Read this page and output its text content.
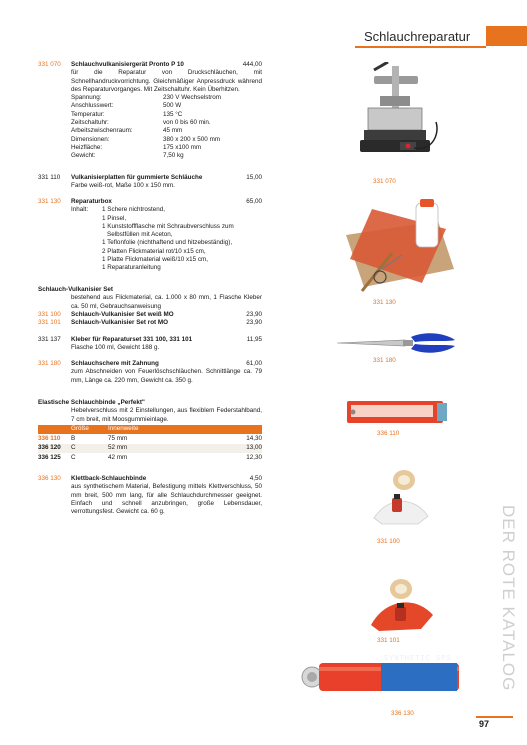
Schlauchreparatur
331 070	Schlauchvulkanisiergerät Pronto P 10	444,00
für die Reparatur von Druckschläuchen, mit Schnellhandruckvorrichtung. Gleichmäßiger Anpressdruck während des Reparaturvorganges. Mit Zeitschaltuhr. Kein Überhitzen.
Spannung:	230 V Wechselstrom
Anschlusswert:	500 W
Temperatur:	135 °C
Zeitschaltuhr:	von 0 bis 60 min.
Arbeitszwischenraum:	45 mm
Dimensionen:	380 x 200 x 500 mm
Heizfläche:	175 x100 mm
Gewicht:	7,50 kg
331 110	Vulkanisierplatten für gummierte Schläuche	15,00
Farbe weiß-rot, Maße 100 x 150 mm.
331 130	Reparaturbox	65,00
Inhalt:	1 Schere nichtrostend,
1 Pinsel,
1 Kunststoffflasche mit Schraubverschluss zum Selbstfüllen mit Aceton,
1 Teflonfolie (nichthaftend und hitzebeständig),
2 Platten Flickmaterial rot/10 x15 cm,
1 Platte Flickmaterial weiß/10 x15 cm,
1 Reparaturanleitung
Schlauch-Vulkanisier Set
bestehend aus Flickmaterial, ca. 1.000 x 80 mm, 1 Flasche Kleber ca. 50 ml, Gebrauchsanweisung
331 100	Schlauch-Vulkanisier Set weiß MO	23,90
331 101	Schlauch-Vulkanisier Set rot MO	23,90
331 137	Kleber für Reparaturset 331 100, 331 101	11,95
Flasche 100 ml, Gewicht 188 g.
331 180	Schlauchschere mit Zahnung	61,00
zum Abschneiden von Feuerlöschschläuchen. Schnittlänge ca. 79 mm, Länge ca. 220 mm, Gewicht ca. 350 g.
Elastische Schlauchbinde „Perfekt"
Hebelverschluss mit 2 Einstellungen, aus flexiblem Federstahlband, 7 cm breit, mit Moosgummieinlage.
	Größe	Innenweite	
336 110	B	75 mm	14,30
336 120	C	52 mm	13,00
336 125	C	42 mm	12,30
336 130	Klettback-Schlauchbinde	4,50
aus synthetischem Material, Befestigung mittels Klettverschluss, 50 mm breit, 500 mm lang, für alle Schlauchdurchmesser geeignet. Einfach und schnell anzubringen, große Lebensdauer, verrottungsfest. Gewicht ca. 60 g.
331 070
331 130
331 180
336 110
331 100
331 101
SYNTHETIC SPS
336 130
DER ROTE KATALOG
97
